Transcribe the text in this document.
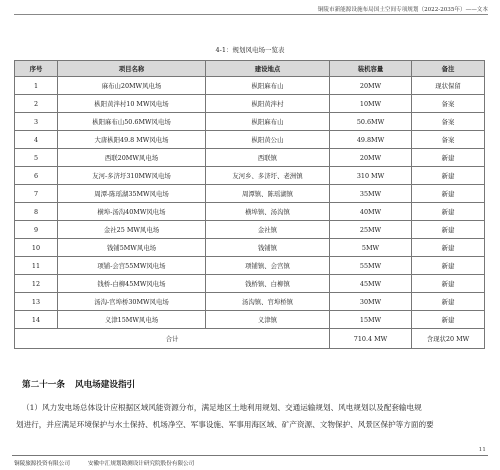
铜陵市新能源设施布局国土空间专项规划（2022-2035年）——文本
4-1：规划风电场一览表
序号	项目名称	建设地点	装机容量	备注
1	麻布山20MW风电场	枞阳麻布山	20MW	现状保留
2	枞阳黄泮村10 MW风电场	枞阳黄泮村	10MW	备案
3	枞阳麻布山50.6MW风电场	枞阳麻布山	50.6MW	备案
4	大唐枞阳49.8 MW风电场	枞阳黄公山	49.8MW	备案
5	西联20MW风电场	西联镇	20MW	新建
6	友河-多济圩310MW风电场	友河乡、多济圩、老洲镇	310 MW	新建
7	周潭-陈瑶湖35MW风电场	周潭镇、陈瑶湖镇	35MW	新建
8	横埠-汤沟40MW风电场	横埠镇、汤沟镇	40MW	新建
9	金社25 MW风电场	金社镇	25MW	新建
10	钱铺5MW风电场	钱铺镇	5MW	新建
11	项铺-会宫55MW风电场	项铺镇、会宫镇	55MW	新建
12	钱桥-白柳45MW风电场	钱桥镇、白柳镇	45MW	新建
13	汤沟-官埠桥30MW风电场	汤沟镇、官埠桥镇	30MW	新建
14	义津15MW风电场	义津镇	15MW	新建
合计			710.4 MW	含现状20 MW
第二十一条 风电场建设指引
（1）风力发电场总体设计应根据区域风能资源分布，满足地区土地利用规划、交通运输规划、风电规划以及配套输电规
划进行，并应满足环境保护与水土保持、机场净空、军事设施、军事用海区域、矿产资源、文物保护、风景区保护等方面的要
11
铜陵旅源投资有限公司	安徽中汇规划勘测设计研究院股份有限公司
